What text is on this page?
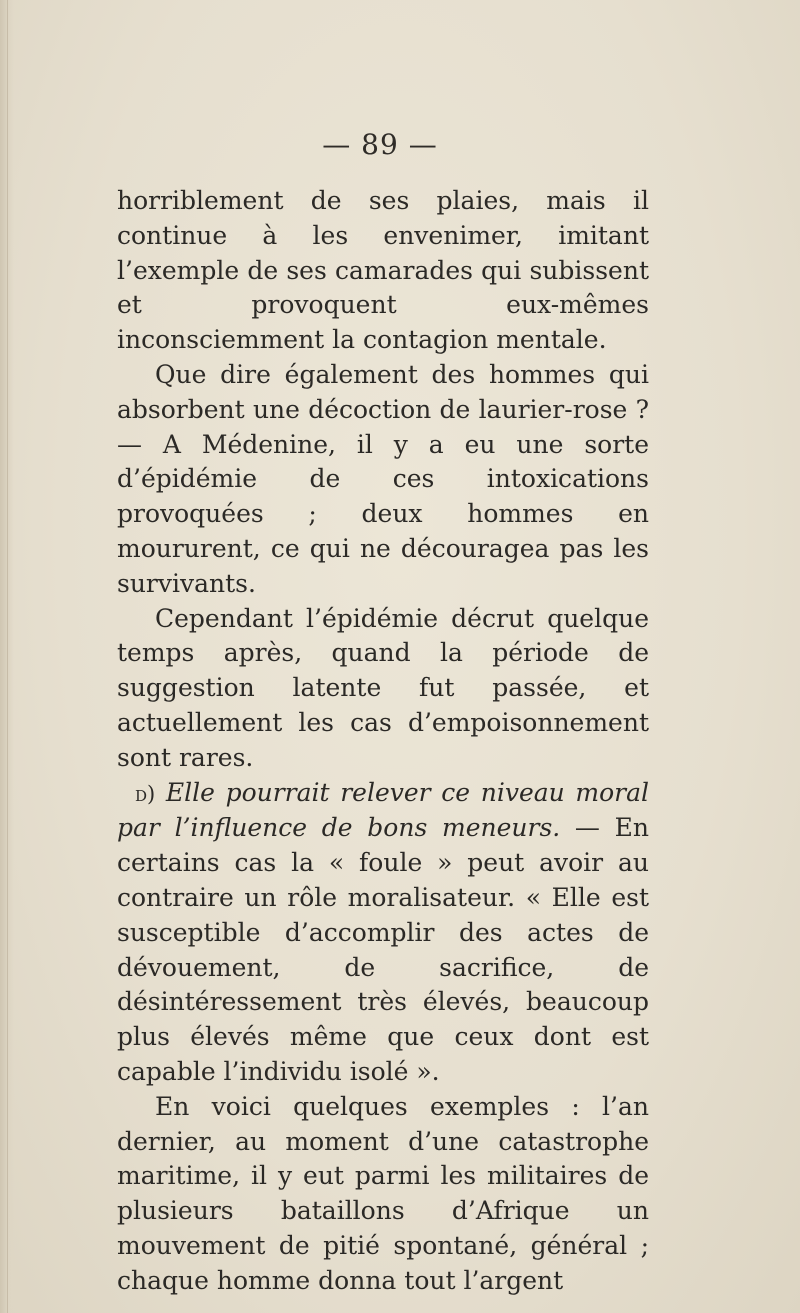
— 89 —

horriblement de ses plaies, mais il continue à les envenimer, imitant l’exemple de ses camarades qui subissent et provoquent eux-mêmes inconsciemment la contagion mentale.

Que dire également des hommes qui absorbent une décoction de laurier-rose ? — A Médenine, il y a eu une sorte d’épidémie de ces intoxications provoquées ; deux hommes en moururent, ce qui ne découragea pas les survivants.

Cependant l’épidémie décrut quelque temps après, quand la période de suggestion latente fut passée, et actuellement les cas d’empoisonnement sont rares.

d) Elle pourrait relever ce niveau moral par l’influence de bons meneurs. — En certains cas la « foule » peut avoir au contraire un rôle moralisateur. « Elle est susceptible d’accomplir des actes de dévouement, de sacrifice, de désintéressement très élevés, beaucoup plus élevés même que ceux dont est capable l’individu isolé ».

En voici quelques exemples : l’an dernier, au moment d’une catastrophe maritime, il y eut parmi les militaires de plusieurs bataillons d’Afrique un mouvement de pitié spontané, général ; chaque homme donna tout l’argent
